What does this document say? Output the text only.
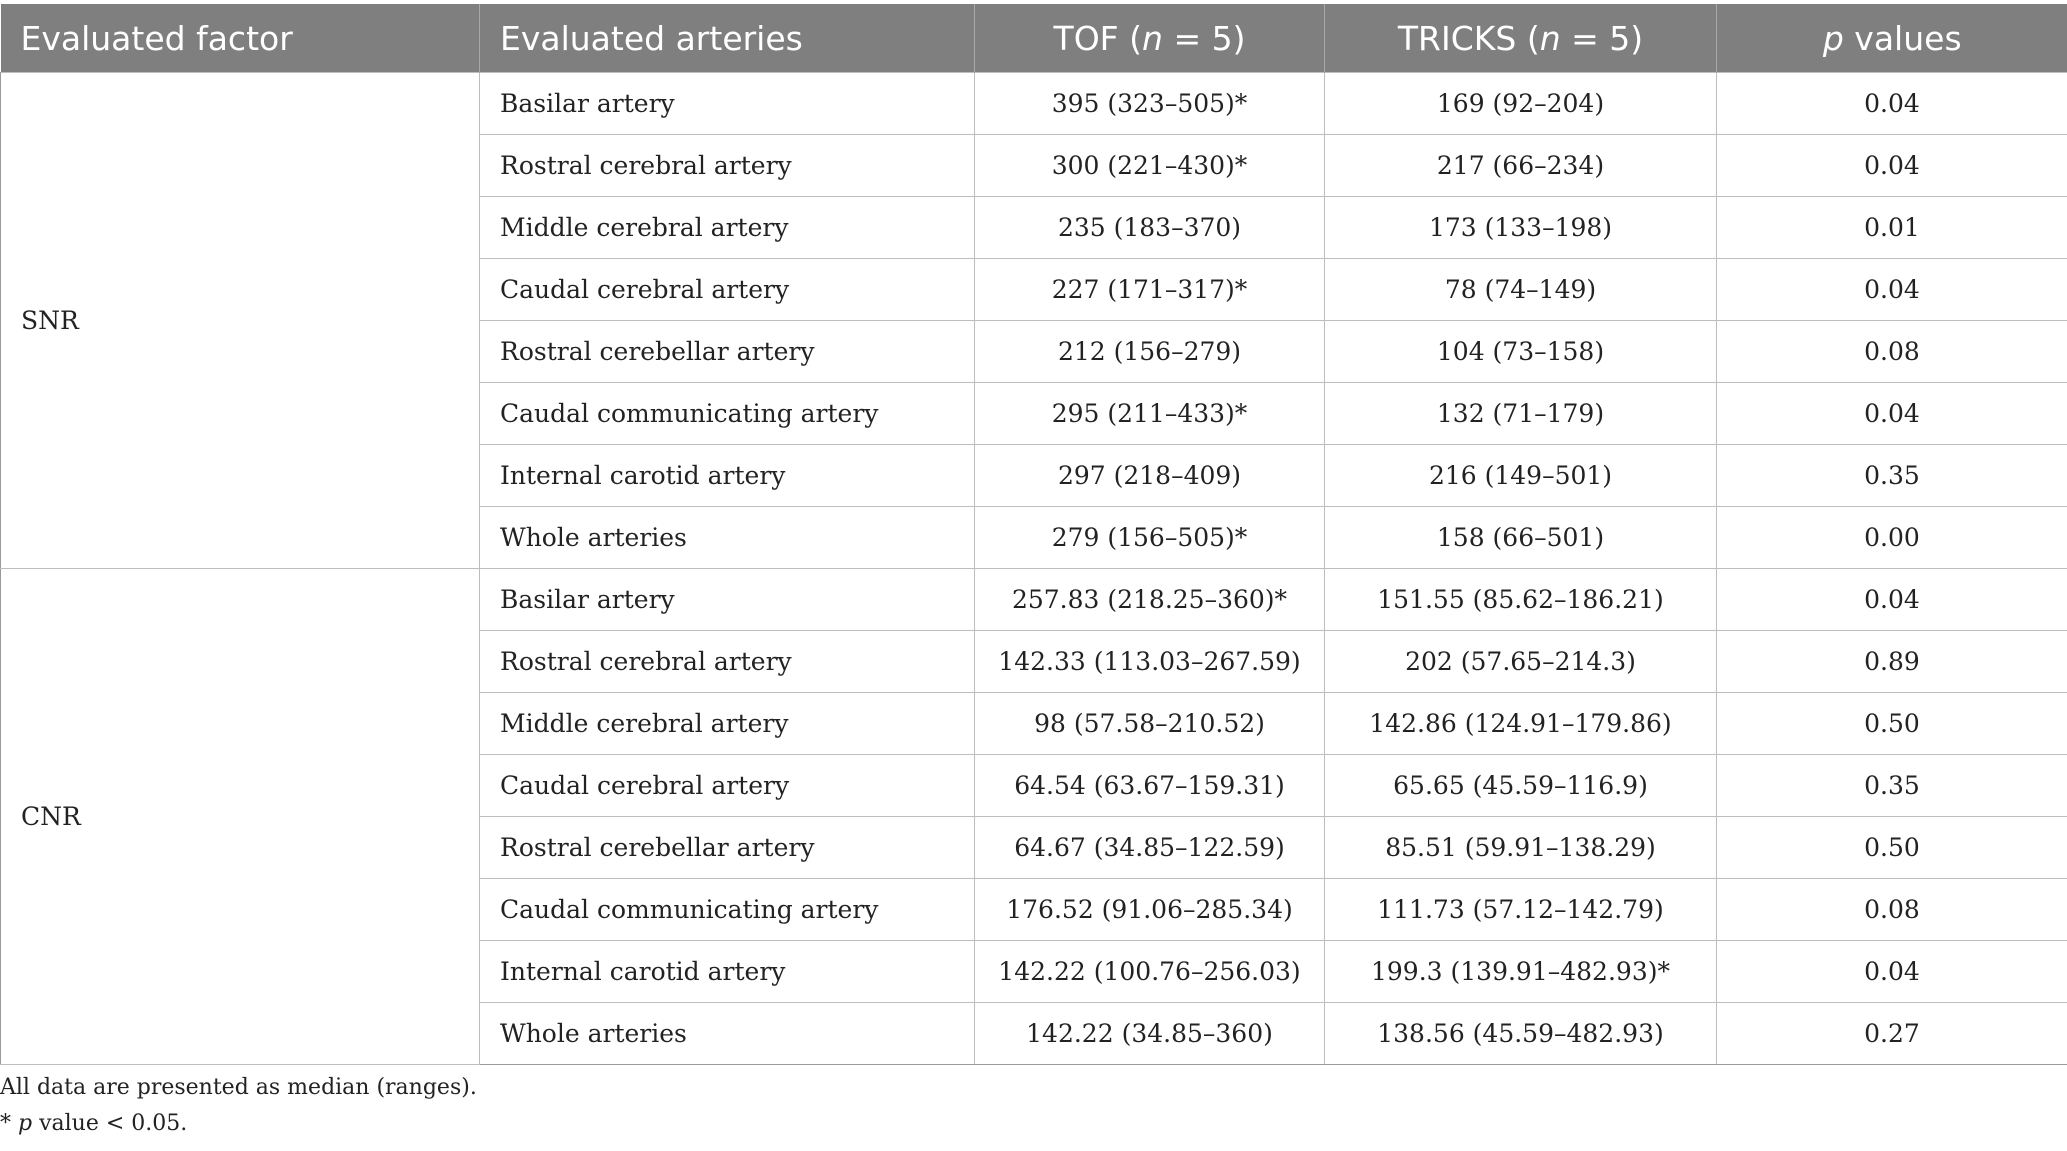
Evaluated factor	Evaluated arteries	TOF (n = 5)	TRICKS (n = 5)	p values
SNR	Basilar artery	395 (323–505)*	169 (92–204)	0.04
	Rostral cerebral artery	300 (221–430)*	217 (66–234)	0.04
	Middle cerebral artery	235 (183–370)	173 (133–198)	0.01
	Caudal cerebral artery	227 (171–317)*	78 (74–149)	0.04
	Rostral cerebellar artery	212 (156–279)	104 (73–158)	0.08
	Caudal communicating artery	295 (211–433)*	132 (71–179)	0.04
	Internal carotid artery	297 (218–409)	216 (149–501)	0.35
	Whole arteries	279 (156–505)*	158 (66–501)	0.00
CNR	Basilar artery	257.83 (218.25–360)*	151.55 (85.62–186.21)	0.04
	Rostral cerebral artery	142.33 (113.03–267.59)	202 (57.65–214.3)	0.89
	Middle cerebral artery	98 (57.58–210.52)	142.86 (124.91–179.86)	0.50
	Caudal cerebral artery	64.54 (63.67–159.31)	65.65 (45.59–116.9)	0.35
	Rostral cerebellar artery	64.67 (34.85–122.59)	85.51 (59.91–138.29)	0.50
	Caudal communicating artery	176.52 (91.06–285.34)	111.73 (57.12–142.79)	0.08
	Internal carotid artery	142.22 (100.76–256.03)	199.3 (139.91–482.93)*	0.04
	Whole arteries	142.22 (34.85–360)	138.56 (45.59–482.93)	0.27
All data are presented as median (ranges).
* p value < 0.05.
